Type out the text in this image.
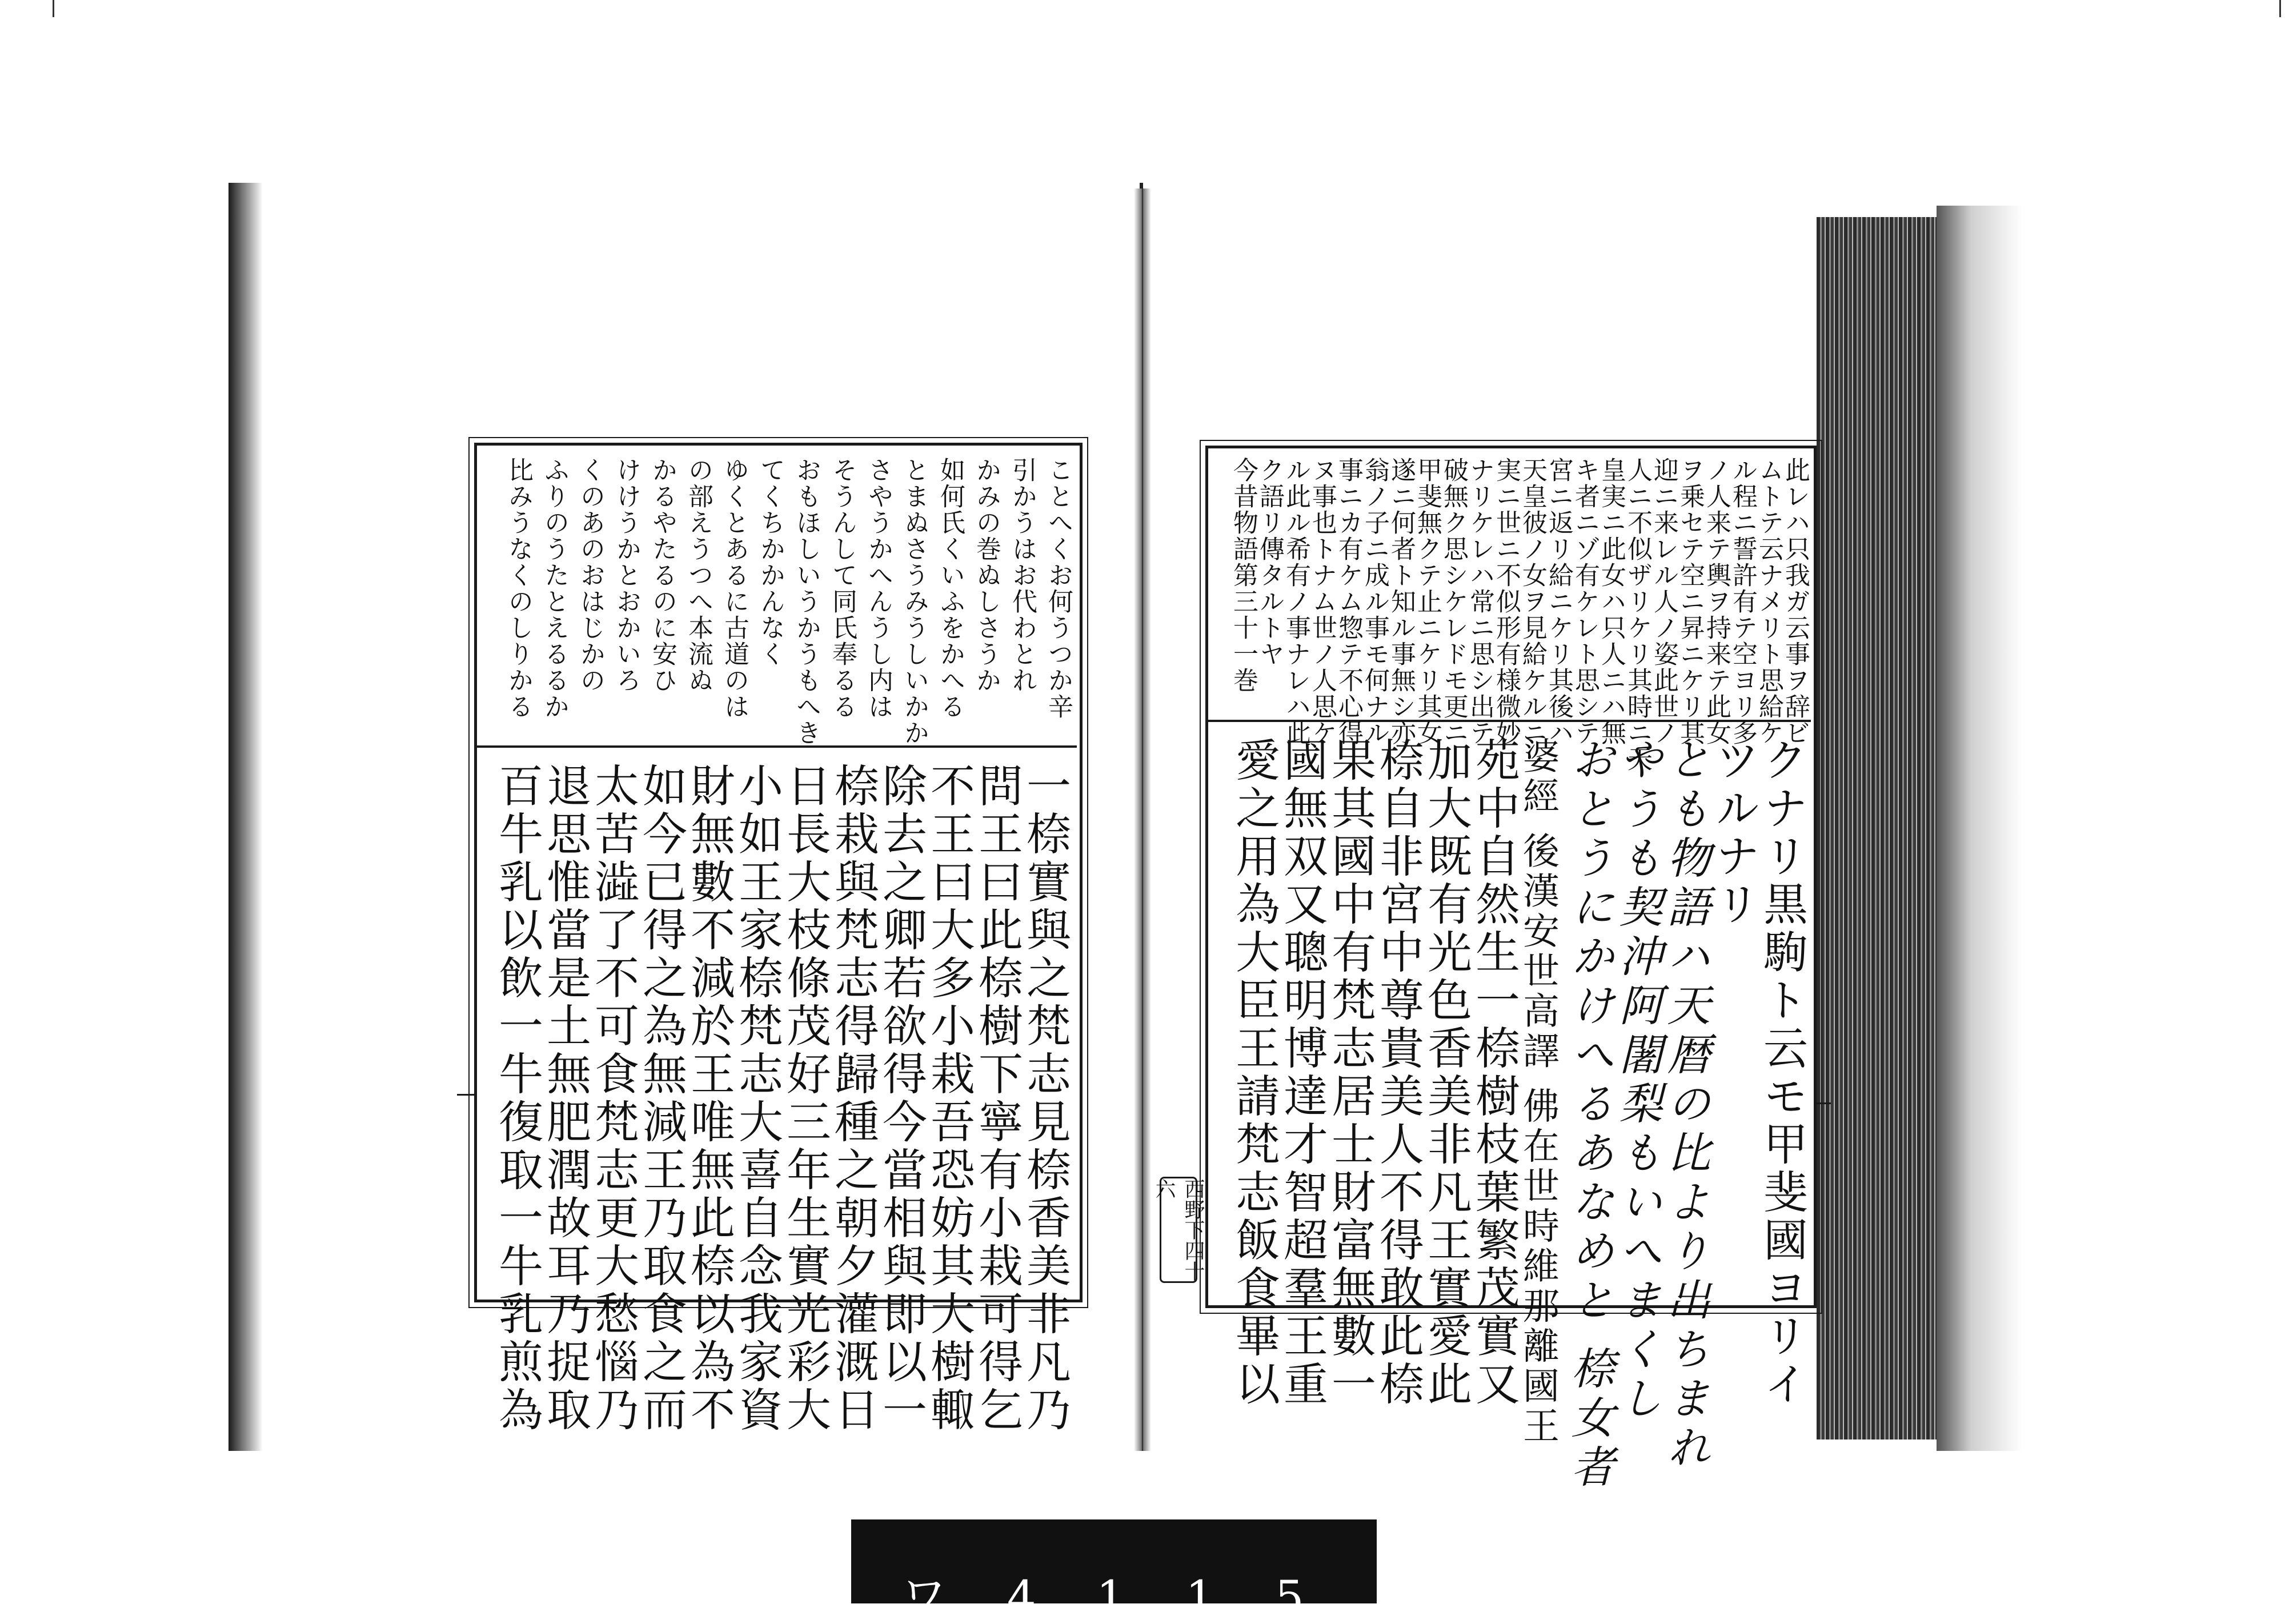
ことへくお何うつか辛
引かうはお代わとれ
かみの巻ぬしさうか
如何氏くいふをかへる
とまぬさうみうしいかか
さやうかへんうし内は
そうんして同氏奉るる
おもほしいうかうもへき
てくちかかんなく
ゆくとあるに古道のは
の部えうつへ本流ぬ
かるやたるのに安ひ
けけうかとおかいろ
くのあのおはじかの
ふりのうたとえるるか
比みうなくのしりかる
一㮈實與之梵志見㮈香美非凡乃
問王曰此㮈樹下寧有小栽可得乞
不王曰大多小栽吾恐妨其大樹輙
除去之卿若欲得今當相與即以一
㮈栽與梵志得歸種之朝夕灌溉日
日長大枝條茂好三年生實光彩大
小如王家㮈梵志大喜自念我家資
財無數不減於王唯無此㮈以為不
如今已得之為無減王乃取食之而
太苦澁了不可食梵志更大愁惱乃
退思惟當是土無肥潤故耳乃捉取
百牛乳以飲一牛復取一牛乳煎為
此レハ只我ガ云事ヲ辞ビ
ムトテ云ナメリト思給ケ
ル程ニ誓許有テ空ヨリ多
ノ人来テ輿ヲ持来テ此女
ヲ乗セテ空ニ昇ニケリ其
迎ニ来レル人ノ姿此世ノ
人ニ不似ザリケリ其時ニ天
皇実ニ此女ハ只人ニハ無
キ者ニゾ有ケレト思シテ
宮ニ返リ給ニケリ其後ハ
天皇彼ノ女ヲ見給ケルニ
実ニ世ニ不似形有様微妙
ナリケレハ常ニ思シ出テ
破無ク思シケレドモ更ニ
甲斐無クテ止ニケリ其女
遂ニ何者ト知ル事無シ亦
翁ノ子ニ成ル事モ何ナル
事ニカ有ケム惣テ不心得
ヌ事也トナム世ノ人思ケ
ル此ル希有ノ事ナレハ此
ク語リ傳タルトヤ
今昔物語第三十一巻
クナリ黒駒ト云モ甲斐國ヨリイ
ツルナリ
とも物語ハ天暦の比より出ちまれ
やうも契沖阿闍梨もいへまくし
おとうにかけへるあなめと 㮈女者
婆經 後漢安世高譯 佛在世時維那離國王
苑中自然生一㮈樹枝葉繁茂實又
加大既有光色香美非凡王實愛此
㮈自非宮中尊貴美人不得敢此㮈
果其國中有梵志居士財富無數一
國無双又聰明博達才智超羣王重
愛之用為大臣王請梵志飯食畢以
西野下四十六
ワ 4 1 1 5
